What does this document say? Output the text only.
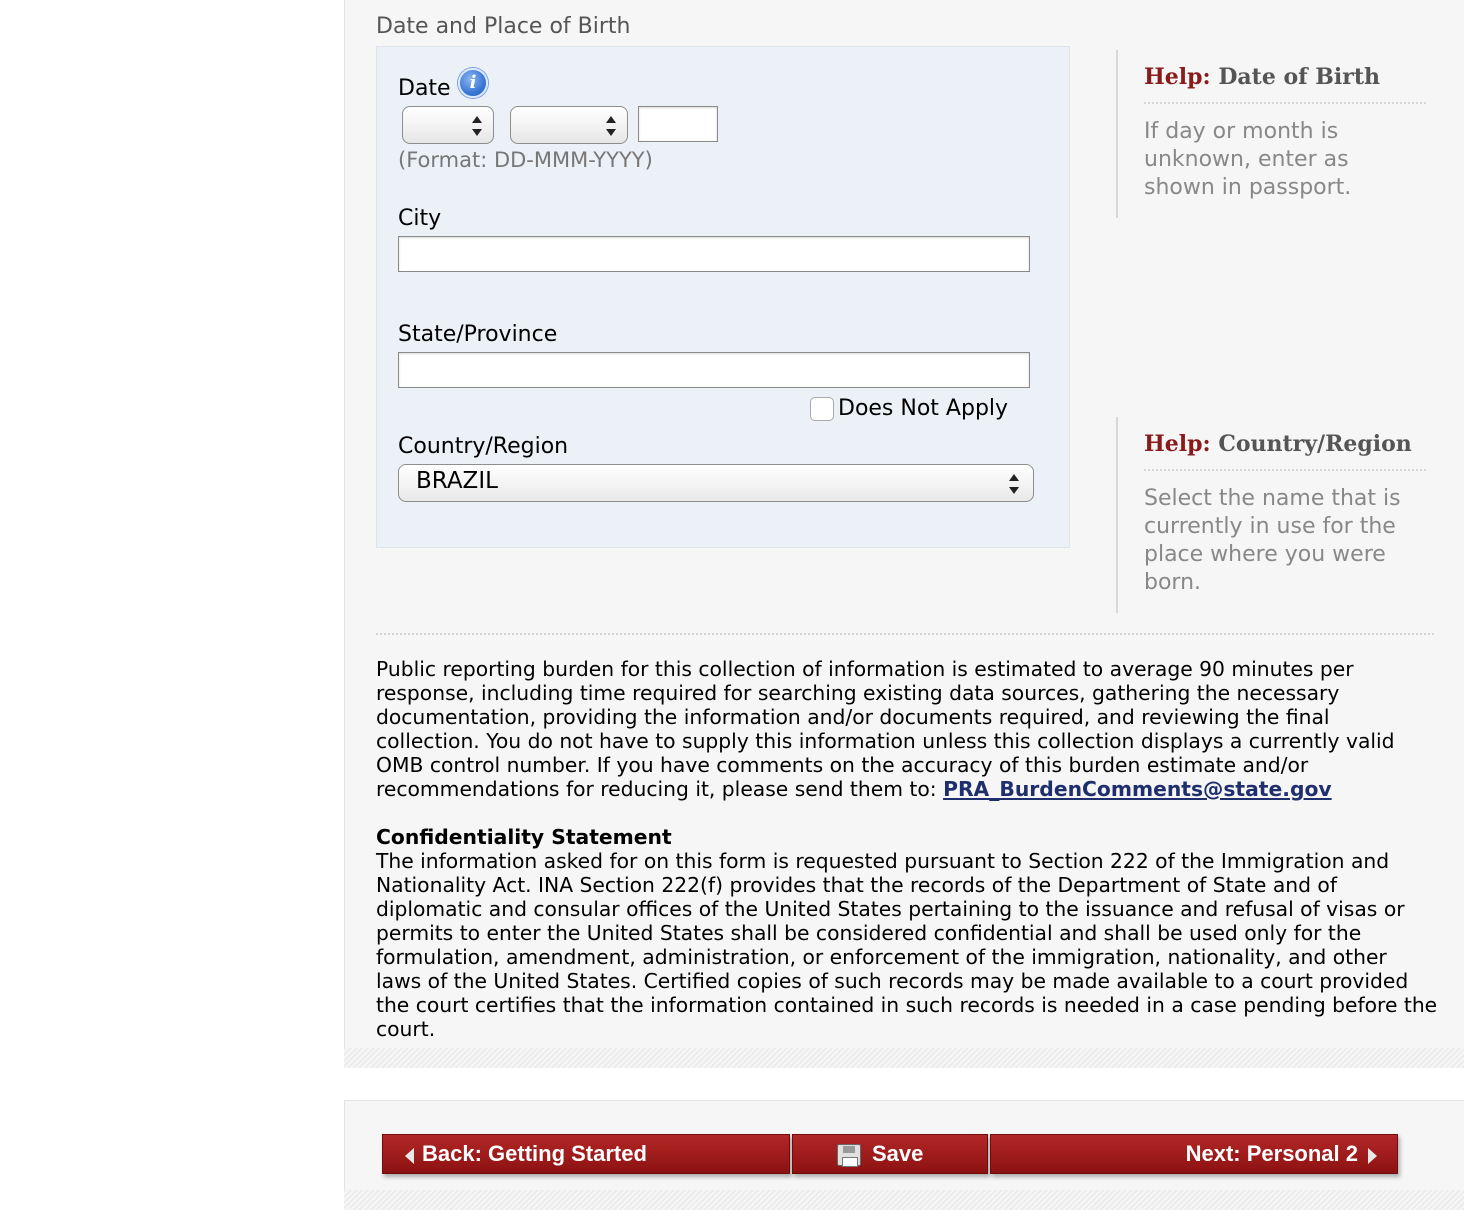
Date and Place of Birth
Date	i
(Format: DD-MMM-YYYY)
City
State/Province
Does Not Apply
Country/Region
BRAZIL
Help: Date of Birth
If day or month is unknown, enter as shown in passport.
Help: Country/Region
Select the name that is currently in use for the place where you were born.
Public reporting burden for this collection of information is estimated to average 90 minutes per response, including time required for searching existing data sources, gathering the necessary documentation, providing the information and/or documents required, and reviewing the final collection. You do not have to supply this information unless this collection displays a currently valid OMB control number. If you have comments on the accuracy of this burden estimate and/or recommendations for reducing it, please send them to: PRA_BurdenComments@state.gov
Confidentiality Statement
The information asked for on this form is requested pursuant to Section 222 of the Immigration and Nationality Act. INA Section 222(f) provides that the records of the Department of State and of diplomatic and consular offices of the United States pertaining to the issuance and refusal of visas or permits to enter the United States shall be considered confidential and shall be used only for the formulation, amendment, administration, or enforcement of the immigration, nationality, and other laws of the United States. Certified copies of such records may be made available to a court provided the court certifies that the information contained in such records is needed in a case pending before the court.
Back: Getting Started	Save	Next: Personal 2
